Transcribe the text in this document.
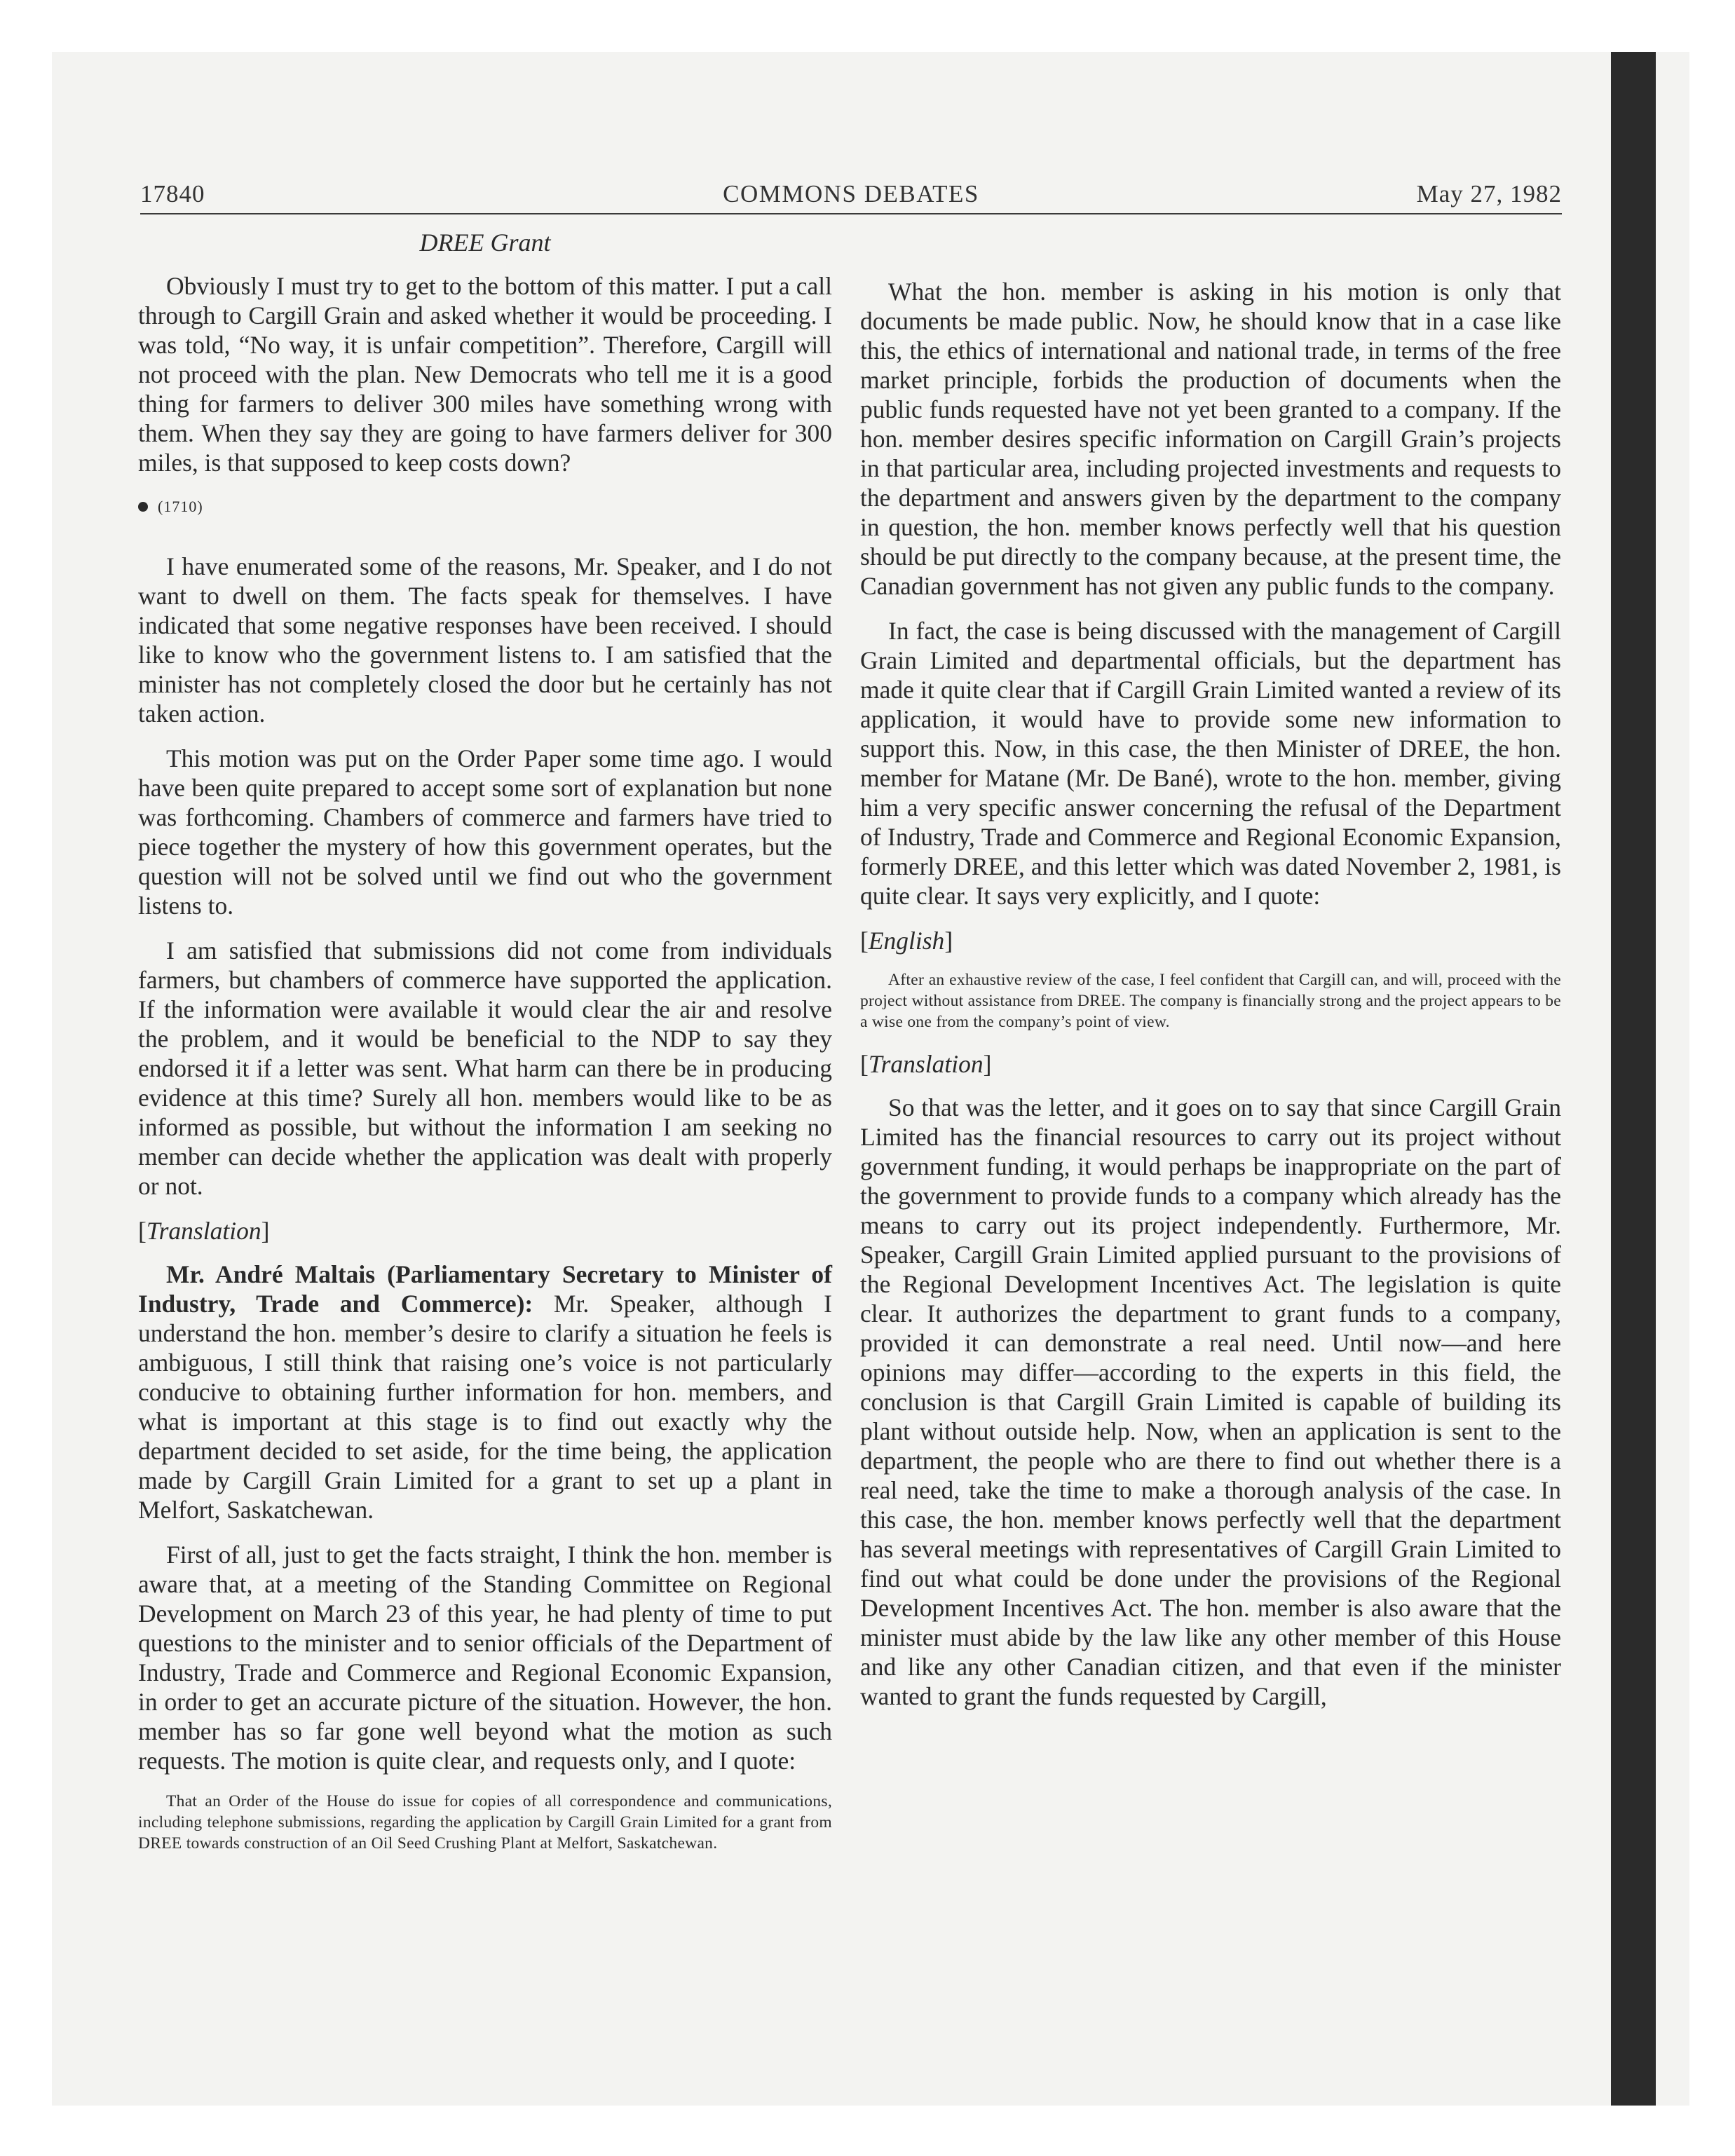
17840	COMMONS DEBATES	May 27, 1982
DREE Grant

Obviously I must try to get to the bottom of this matter. I put a call through to Cargill Grain and asked whether it would be proceeding. I was told, “No way, it is unfair competition”. Therefore, Cargill will not proceed with the plan. New Democrats who tell me it is a good thing for farmers to deliver 300 miles have something wrong with them. When they say they are going to have farmers deliver for 300 miles, is that supposed to keep costs down?

(1710)

I have enumerated some of the reasons, Mr. Speaker, and I do not want to dwell on them. The facts speak for themselves. I have indicated that some negative responses have been received. I should like to know who the government listens to. I am satisfied that the minister has not completely closed the door but he certainly has not taken action.

This motion was put on the Order Paper some time ago. I would have been quite prepared to accept some sort of explanation but none was forthcoming. Chambers of commerce and farmers have tried to piece together the mystery of how this government operates, but the question will not be solved until we find out who the government listens to.

I am satisfied that submissions did not come from individuals farmers, but chambers of commerce have supported the application. If the information were available it would clear the air and resolve the problem, and it would be beneficial to the NDP to say they endorsed it if a letter was sent. What harm can there be in producing evidence at this time? Surely all hon. members would like to be as informed as possible, but without the information I am seeking no member can decide whether the application was dealt with properly or not.

[Translation]

Mr. André Maltais (Parliamentary Secretary to Minister of Industry, Trade and Commerce): Mr. Speaker, although I understand the hon. member’s desire to clarify a situation he feels is ambiguous, I still think that raising one’s voice is not particularly conducive to obtaining further information for hon. members, and what is important at this stage is to find out exactly why the department decided to set aside, for the time being, the application made by Cargill Grain Limited for a grant to set up a plant in Melfort, Saskatchewan.

First of all, just to get the facts straight, I think the hon. member is aware that, at a meeting of the Standing Committee on Regional Development on March 23 of this year, he had plenty of time to put questions to the minister and to senior officials of the Department of Industry, Trade and Commerce and Regional Economic Expansion, in order to get an accurate picture of the situation. However, the hon. member has so far gone well beyond what the motion as such requests. The motion is quite clear, and requests only, and I quote:

That an Order of the House do issue for copies of all correspondence and communications, including telephone submissions, regarding the application by Cargill Grain Limited for a grant from DREE towards construction of an Oil Seed Crushing Plant at Melfort, Saskatchewan.

What the hon. member is asking in his motion is only that documents be made public. Now, he should know that in a case like this, the ethics of international and national trade, in terms of the free market principle, forbids the production of documents when the public funds requested have not yet been granted to a company. If the hon. member desires specific information on Cargill Grain’s projects in that particular area, including projected investments and requests to the department and answers given by the department to the company in question, the hon. member knows perfectly well that his question should be put directly to the company because, at the present time, the Canadian government has not given any public funds to the company.

In fact, the case is being discussed with the management of Cargill Grain Limited and departmental officials, but the department has made it quite clear that if Cargill Grain Limited wanted a review of its application, it would have to provide some new information to support this. Now, in this case, the then Minister of DREE, the hon. member for Matane (Mr. De Bané), wrote to the hon. member, giving him a very specific answer concerning the refusal of the Department of Industry, Trade and Commerce and Regional Economic Expansion, formerly DREE, and this letter which was dated November 2, 1981, is quite clear. It says very explicitly, and I quote:

[English]
After an exhaustive review of the case, I feel confident that Cargill can, and will, proceed with the project without assistance from DREE. The company is financially strong and the project appears to be a wise one from the company’s point of view.
[Translation]

So that was the letter, and it goes on to say that since Cargill Grain Limited has the financial resources to carry out its project without government funding, it would perhaps be inappropriate on the part of the government to provide funds to a company which already has the means to carry out its project independently. Furthermore, Mr. Speaker, Cargill Grain Limited applied pursuant to the provisions of the Regional Development Incentives Act. The legislation is quite clear. It authorizes the department to grant funds to a company, provided it can demonstrate a real need. Until now—and here opinions may differ—according to the experts in this field, the conclusion is that Cargill Grain Limited is capable of building its plant without outside help. Now, when an application is sent to the department, the people who are there to find out whether there is a real need, take the time to make a thorough analysis of the case. In this case, the hon. member knows perfectly well that the department has several meetings with representatives of Cargill Grain Limited to find out what could be done under the provisions of the Regional Development Incentives Act. The hon. member is also aware that the minister must abide by the law like any other member of this House and like any other Canadian citizen, and that even if the minister wanted to grant the funds requested by Cargill,
